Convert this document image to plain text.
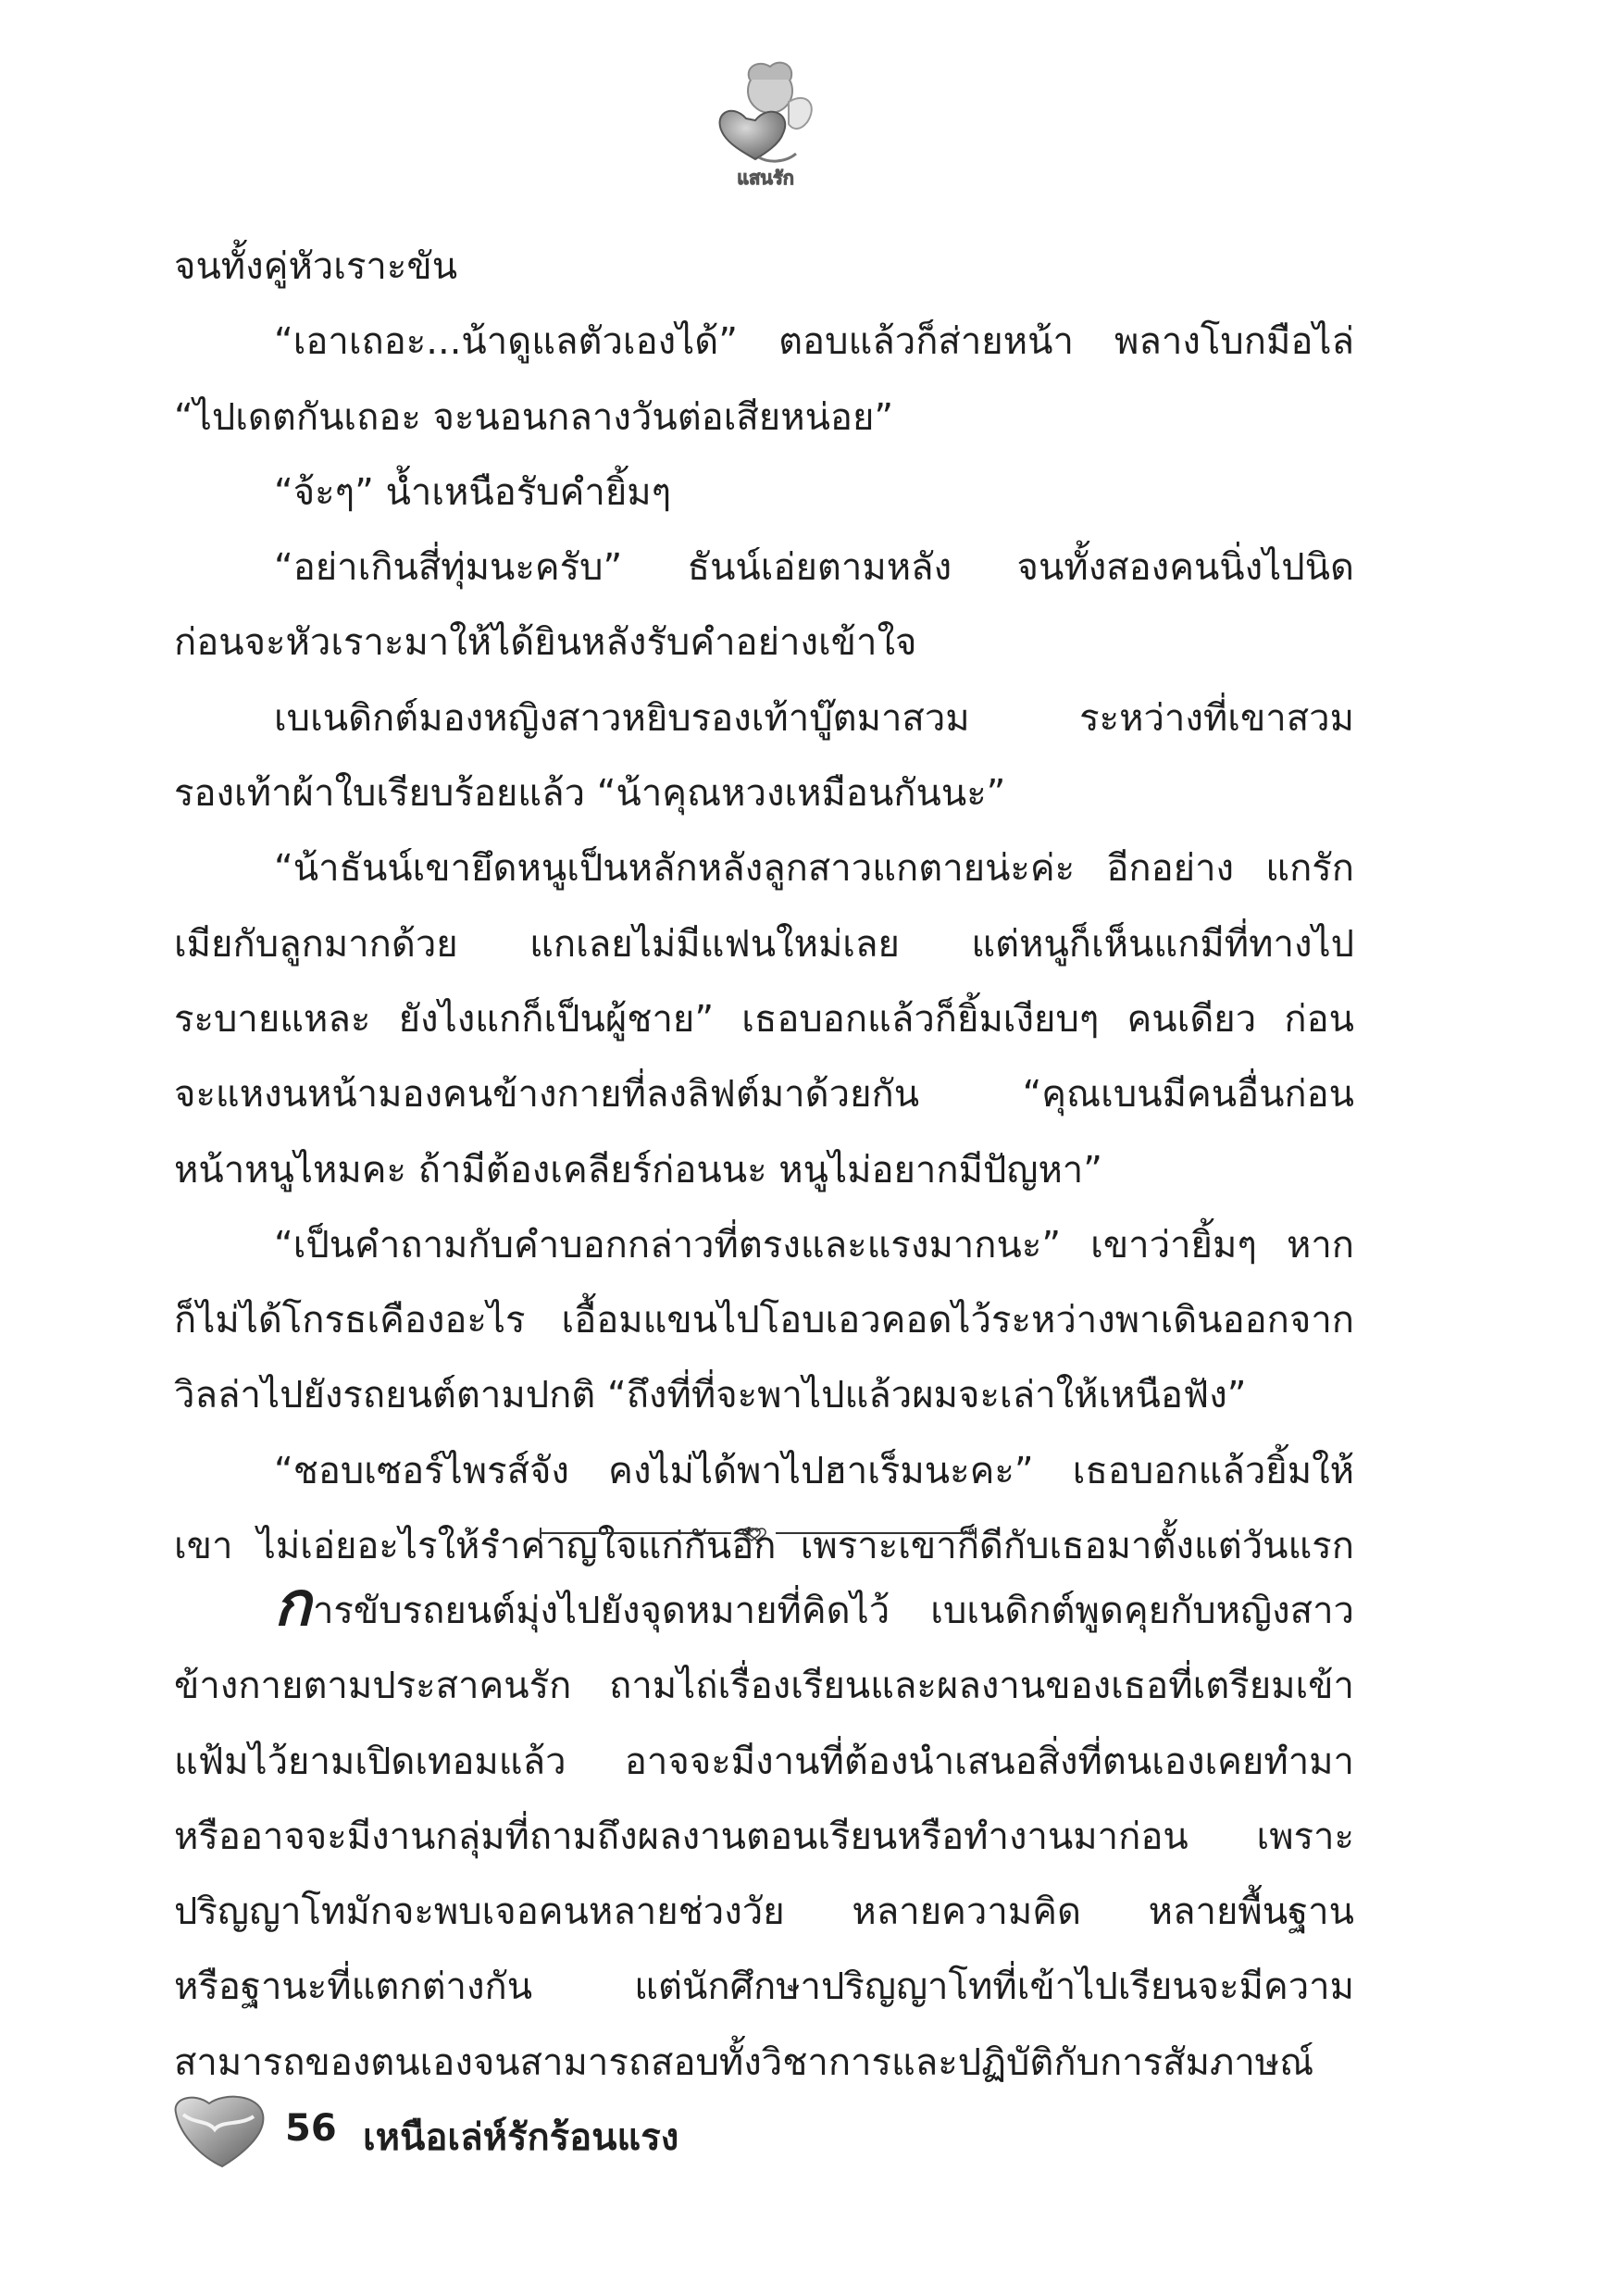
แสนรัก
จนทั้งคู่หัวเราะขัน
“เอาเถอะ...น้าดูแลตัวเองได้” ตอบแล้วก็ส่ายหน้า พลางโบกมือไล่
“ไปเดตกันเถอะ จะนอนกลางวันต่อเสียหน่อย”
“จ้ะๆ” น้ำเหนือรับคำยิ้มๆ
“อย่าเกินสี่ทุ่มนะครับ” ธันน์เอ่ยตามหลัง จนทั้งสองคนนิ่งไปนิด
ก่อนจะหัวเราะมาให้ได้ยินหลังรับคำอย่างเข้าใจ
เบเนดิกต์มองหญิงสาวหยิบรองเท้าบู๊ตมาสวม ระหว่างที่เขาสวม
รองเท้าผ้าใบเรียบร้อยแล้ว “น้าคุณหวงเหมือนกันนะ”
“น้าธันน์เขายึดหนูเป็นหลักหลังลูกสาวแกตายน่ะค่ะ อีกอย่าง แกรัก
เมียกับลูกมากด้วย แกเลยไม่มีแฟนใหม่เลย แต่หนูก็เห็นแกมีที่ทางไป
ระบายแหละ ยังไงแกก็เป็นผู้ชาย” เธอบอกแล้วก็ยิ้มเงียบๆ คนเดียว ก่อน
จะแหงนหน้ามองคนข้างกายที่ลงลิฟต์มาด้วยกัน “คุณเบนมีคนอื่นก่อน
หน้าหนูไหมคะ ถ้ามีต้องเคลียร์ก่อนนะ หนูไม่อยากมีปัญหา”
“เป็นคำถามกับคำบอกกล่าวที่ตรงและแรงมากนะ” เขาว่ายิ้มๆ หาก
ก็ไม่ได้โกรธเคืองอะไร เอื้อมแขนไปโอบเอวคอดไว้ระหว่างพาเดินออกจาก
วิลล่าไปยังรถยนต์ตามปกติ “ถึงที่ที่จะพาไปแล้วผมจะเล่าให้เหนือฟัง”
“ชอบเซอร์ไพรส์จัง คงไม่ได้พาไปฮาเร็มนะคะ” เธอบอกแล้วยิ้มให้
เขา ไม่เอ่ยอะไรให้รำคาญใจแก่กันอีก เพราะเขาก็ดีกับเธอมาตั้งแต่วันแรก
การขับรถยนต์มุ่งไปยังจุดหมายที่คิดไว้ เบเนดิกต์พูดคุยกับหญิงสาว
ข้างกายตามประสาคนรัก ถามไถ่เรื่องเรียนและผลงานของเธอที่เตรียมเข้า
แฟ้มไว้ยามเปิดเทอมแล้ว อาจจะมีงานที่ต้องนำเสนอสิ่งที่ตนเองเคยทำมา
หรืออาจจะมีงานกลุ่มที่ถามถึงผลงานตอนเรียนหรือทำงานมาก่อน เพราะ
ปริญญาโทมักจะพบเจอคนหลายช่วงวัย หลายความคิด หลายพื้นฐาน
หรือฐานะที่แตกต่างกัน แต่นักศึกษาปริญญาโทที่เข้าไปเรียนจะมีความ
สามารถของตนเองจนสามารถสอบทั้งวิชาการและปฏิบัติกับการสัมภาษณ์
56 เหนือเล่ห์รักร้อนแรง
